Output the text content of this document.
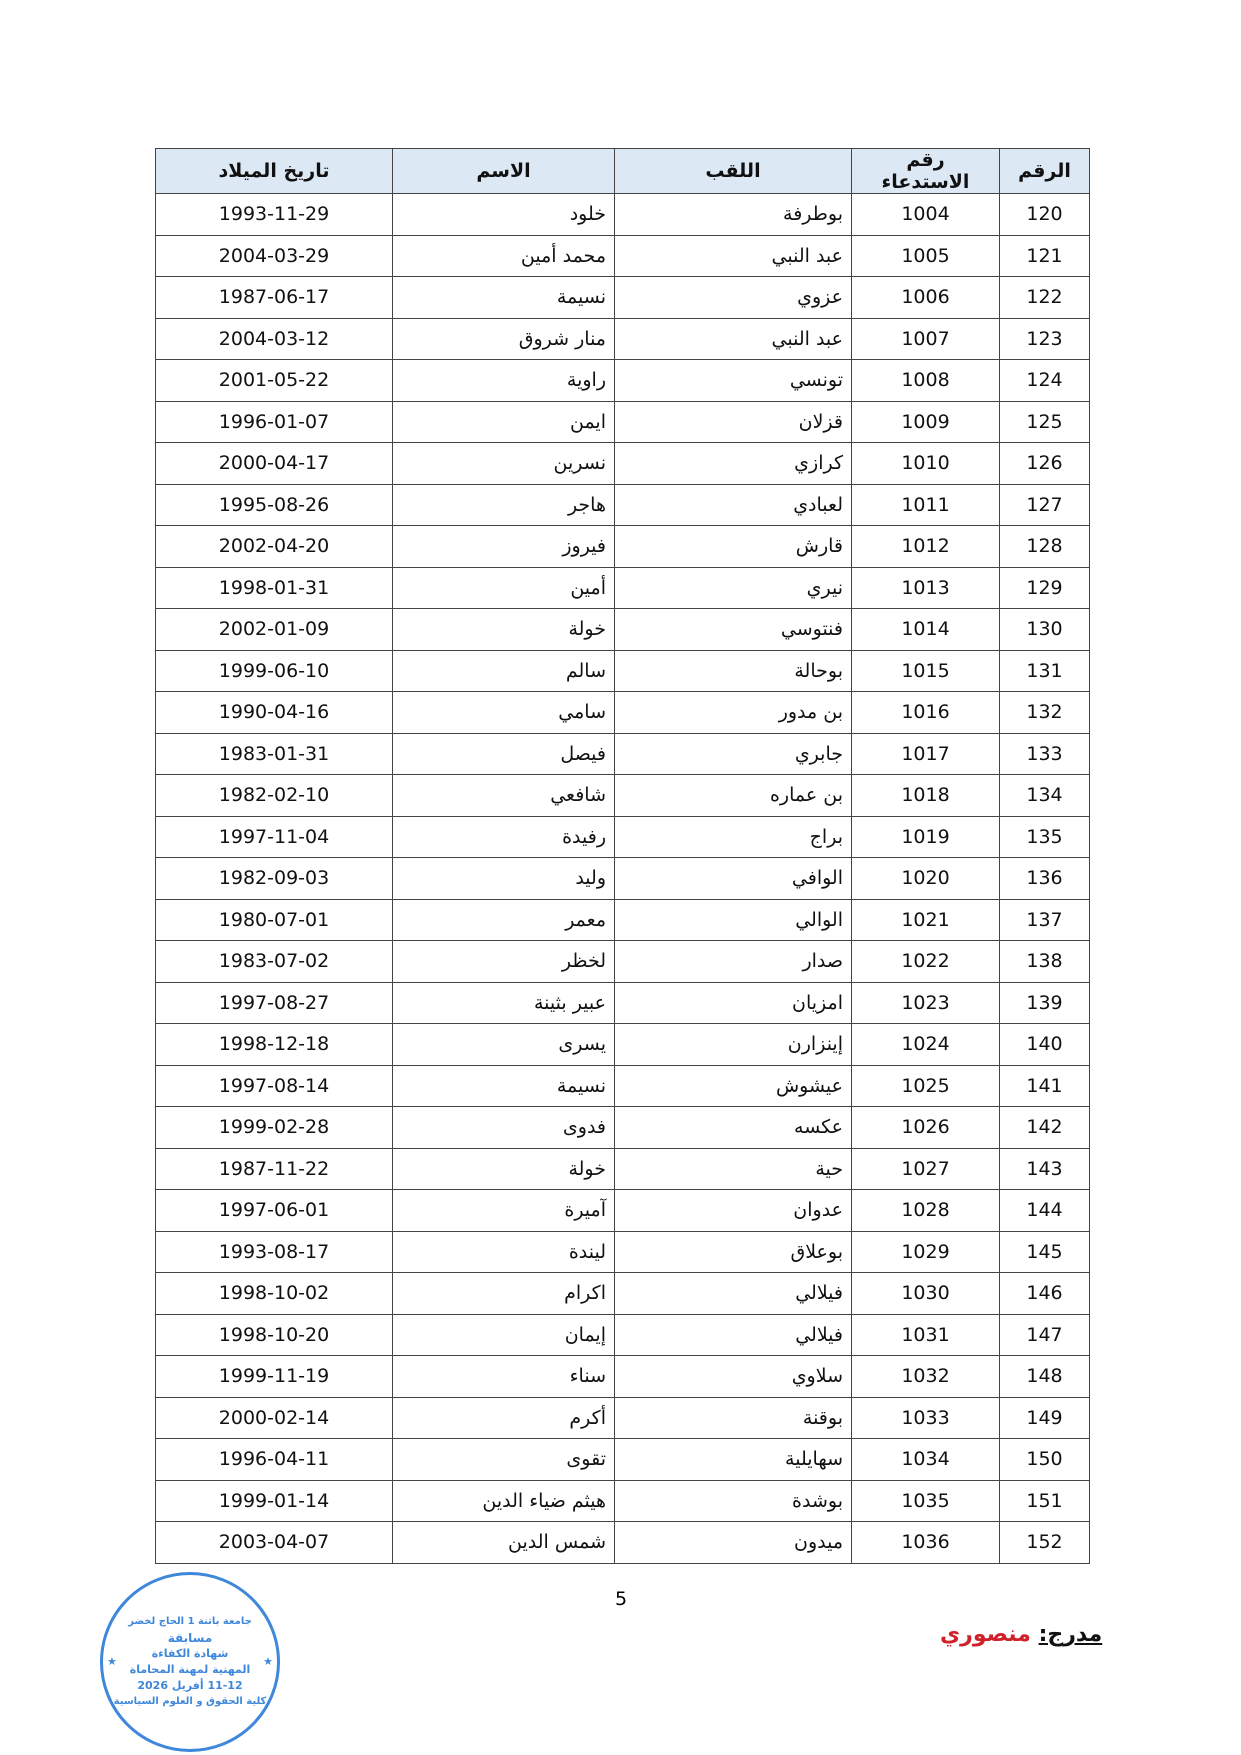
الرقم	رقم الاستدعاء	اللقب	الاسم	تاريخ الميلاد
120	1004	بوطرفة	خلود	1993-11-29
121	1005	عبد النبي	محمد أمين	2004-03-29
122	1006	عزوي	نسيمة	1987-06-17
123	1007	عبد النبي	منار شروق	2004-03-12
124	1008	تونسي	راوية	2001-05-22
125	1009	قزلان	ايمن	1996-01-07
126	1010	كرازي	نسرين	2000-04-17
127	1011	لعبادي	هاجر	1995-08-26
128	1012	قارش	فيروز	2002-04-20
129	1013	نيري	أمين	1998-01-31
130	1014	فنتوسي	خولة	2002-01-09
131	1015	بوحالة	سالم	1999-06-10
132	1016	بن مدور	سامي	1990-04-16
133	1017	جابري	فيصل	1983-01-31
134	1018	بن عماره	شافعي	1982-02-10
135	1019	براج	رفيدة	1997-11-04
136	1020	الوافي	وليد	1982-09-03
137	1021	الوالي	معمر	1980-07-01
138	1022	صدار	لخظر	1983-07-02
139	1023	امزيان	عبير بثينة	1997-08-27
140	1024	إينزارن	يسرى	1998-12-18
141	1025	عيشوش	نسيمة	1997-08-14
142	1026	عكسه	فدوى	1999-02-28
143	1027	حية	خولة	1987-11-22
144	1028	عدوان	آميرة	1997-06-01
145	1029	بوعلاق	ليندة	1993-08-17
146	1030	فيلالي	اكرام	1998-10-02
147	1031	فيلالي	إيمان	1998-10-20
148	1032	سلاوي	سناء	1999-11-19
149	1033	بوقنة	أكرم	2000-02-14
150	1034	سهايلية	تقوى	1996-04-11
151	1035	بوشدة	هيثم ضياء الدين	1999-01-14
152	1036	ميدون	شمس الدين	2003-04-07
★	★
جامعة باتنة 1 الحاج لخضر
مسابقة
شهادة الكفاءة
المهنية لمهنة المحاماة
11-12 أفريل 2026
كلية الحقوق و العلوم السياسية
5
مدرج: منصوري
